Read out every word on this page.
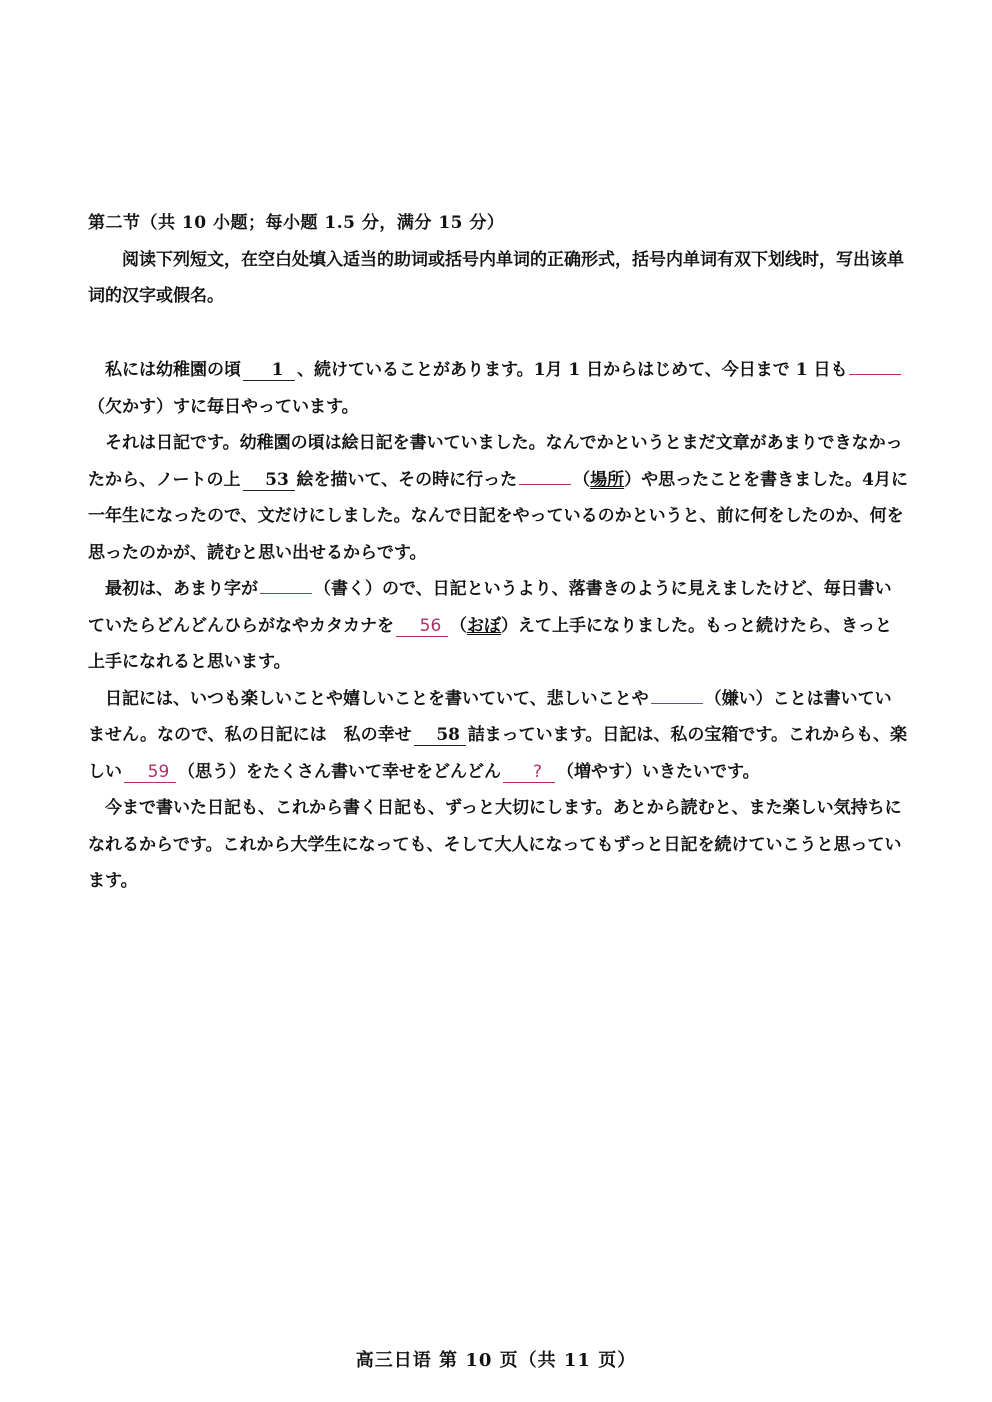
第二节（共 10 小题；每小题 1.5 分，满分 15 分）
阅读下列短文，在空白处填入适当的助词或括号内单词的正确形式，括号内单词有双下划线时，写出该单词的汉字或假名。

私には幼稚園の頃 1 、続けていることがあります。1月 1 日からはじめて、今日まで 1 日も（欠かす）すに毎日やっています。

それは日記です。幼稚園の頃は絵日記を書いていました。なんでかというとまだ文章があまりできなかったから、ノートの上 53 絵を描いて、その時に行った	（場所）や思ったことを書きました。4月に一年生になったので、文だけにしました。なんで日記をやっているのかというと、前に何をしたのか、何を思ったのかが、読むと思い出せるからです。

最初は、あまり字が	（書く）ので、日記というより、落書きのように見えましたけど、毎日書いていたらどんどんひらがなやカタカナを 56 （おぼ）えて上手になりました。もっと続けたら、きっと上手になれると思います。

日記には、いつも楽しいことや嬉しいことを書いていて、悲しいことや	（嫌い）ことは書いていません。なので、私の日記には　私の幸せ 58 詰まっています。日記は、私の宝箱です。これからも、楽しい 59 （思う）をたくさん書いて幸せをどんどん ? （増やす）いきたいです。

今まで書いた日記も、これから書く日記も、ずっと大切にします。あとから読むと、また楽しい気持ちになれるからです。これから大学生になっても、そして大人になってもずっと日記を続けていこうと思っています。

高三日语 第 10 页（共 11 页）
